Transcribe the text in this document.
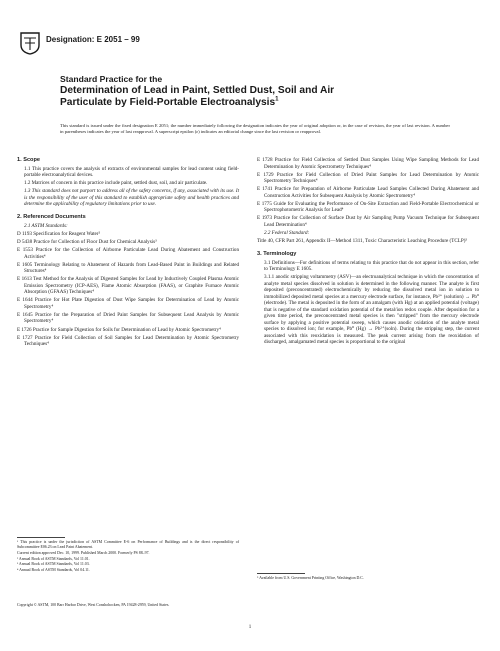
Designation: E 2051 – 99
Standard Practice for the
Determination of Lead in Paint, Settled Dust, Soil and Air
Particulate by Field-Portable Electroanalysis$^1$
This standard is issued under the fixed designation E 2051; the number immediately following the designation indicates the year of original adoption or, in the case of revision, the year of last revision. A number in parentheses indicates the year of last reapproval. A superscript epsilon (ε) indicates an editorial change since the last revision or reapproval.
1. Scope

1.1 This practice covers the analysis of extracts of environmental samples for lead content using field-portable electroanalytical devices.

1.2 Matrices of concern in this practice include paint, settled dust, soil, and air particulate.

1.3 This standard does not purport to address all of the safety concerns, if any, associated with its use. It is the responsibility of the user of this standard to establish appropriate safety and health practices and determine the applicability of regulatory limitations prior to use.

2. Referenced Documents

2.1 ASTM Standards:

D 1193 Specification for Reagent Water²

D 5438 Practice for Collection of Floor Dust for Chemical Analysis³

E 1553 Practice for the Collection of Airborne Particulate Lead During Abatement and Construction Activities⁴

E 1605 Terminology Relating to Abatement of Hazards from Lead-Based Paint in Buildings and Related Structures⁴

E 1613 Test Method for the Analysis of Digested Samples for Lead by Inductively Coupled Plasma Atomic Emission Spectrometry (ICP-AES), Flame Atomic Absorption (FAAS), or Graphite Furnace Atomic Absorption (GFAAS) Techniques⁴

E 1644 Practice for Hot Plate Digestion of Dust Wipe Samples for Determination of Lead by Atomic Spectrometry⁴

E 1645 Practice for the Preparation of Dried Paint Samples for Subsequent Lead Analysis by Atomic Spectrometry⁴

E 1726 Practice for Sample Digestion for Soils for Determination of Lead by Atomic Spectrometry⁴

E 1727 Practice for Field Collection of Soil Samples for Lead Determination by Atomic Spectrometry Techniques⁴

¹ This practice is under the jurisdiction of ASTM Committee E-6 on Performance of Buildings and is the direct responsibility of Subcommittee E06.23 on Lead Paint Abatement.

Current edition approved Dec. 10, 1999. Published March 2000. Formerly PS 88–97.

² Annual Book of ASTM Standards, Vol 11.01.

³ Annual Book of ASTM Standards, Vol 11.03.

⁴ Annual Book of ASTM Standards, Vol 04.11.

E 1728 Practice for Field Collection of Settled Dust Samples Using Wipe Sampling Methods for Lead Determination by Atomic Spectrometry Techniques⁴

E 1729 Practice for Field Collection of Dried Paint Samples for Lead Determination by Atomic Spectrometry Techniques⁴

E 1741 Practice for Preparation of Airborne Particulate Lead Samples Collected During Abatement and Construction Activities for Subsequent Analysis by Atomic Spectrometry⁴

E 1775 Guide for Evaluating the Performance of On-Site Extraction and Field-Portable Electrochemical or Spectrophotometric Analysis for Lead⁴

E 1973 Practice for Collection of Surface Dust by Air Sampling Pump Vacuum Technique for Subsequent Lead Determination⁴

2.2 Federal Standard:

Title 40, CFR Part 261, Appendix II—Method 1311, Toxic Characteristic Leaching Procedure (TCLP)⁵

3. Terminology

3.1 Definitions—For definitions of terms relating to this practice that do not appear in this section, refer to Terminology E 1605.

3.1.1 anodic stripping voltammetry (ASV)—an electroanalytical technique in which the concentration of analyte metal species dissolved in solution is determined in the following manner. The analyte is first deposited (preconcentrated) electrochemically by reducing the dissolved metal ion in solution to immobilized deposited metal species at a mercury electrode surface, for instance, Pb²⁺ (solution) → Pb⁰ (electrode). The metal is deposited in the form of an amalgam (with Hg) at an applied potential (voltage) that is negative of the standard oxidation potential of the metal/ion redox couple. After deposition for a given time period, the preconcentrated metal species is then "stripped" from the mercury electrode surface by applying a positive potential sweep, which causes anodic oxidation of the analyte metal species to dissolved ion; for example, Pb⁰ (Hg) → Pb²⁺(soln). During the stripping step, the current associated with this reoxidation is measured. The peak current arising from the reoxidation of discharged, amalgamated metal species is proportional to the original

⁵ Available from U.S. Government Printing Office, Washington D.C.

Copyright © ASTM, 100 Barr Harbor Drive, West Conshohocken, PA 19428-2959, United States.
1
